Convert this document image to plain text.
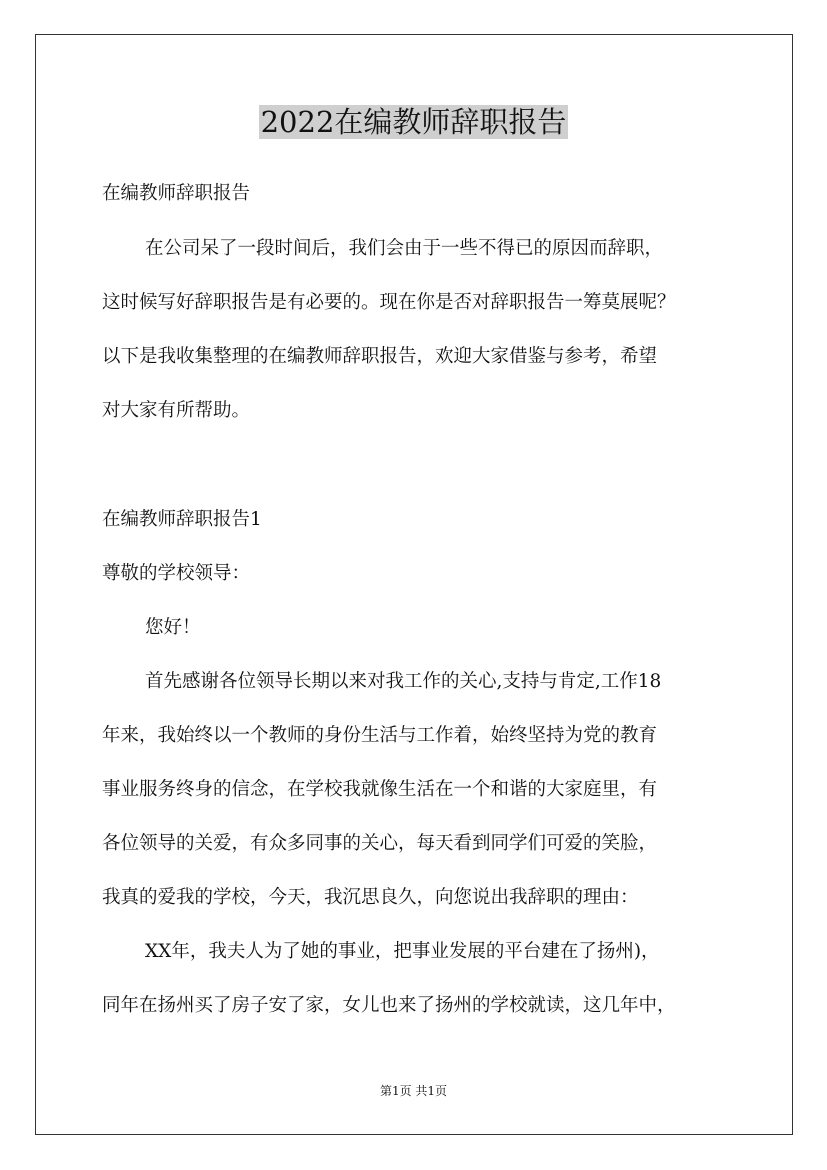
2022在编教师辞职报告

在编教师辞职报告

在公司呆了一段时间后，我们会由于一些不得已的原因而辞职，

这时候写好辞职报告是有必要的。现在你是否对辞职报告一筹莫展呢？

以下是我收集整理的在编教师辞职报告，欢迎大家借鉴与参考，希望

对大家有所帮助。

在编教师辞职报告1

尊敬的学校领导：

您好！

首先感谢各位领导长期以来对我工作的关心,支持与肯定,工作18

年来，我始终以一个教师的身份生活与工作着，始终坚持为党的教育

事业服务终身的信念，在学校我就像生活在一个和谐的大家庭里，有

各位领导的关爱，有众多同事的关心，每天看到同学们可爱的笑脸，

我真的爱我的学校，今天，我沉思良久，向您说出我辞职的理由：

XX年，我夫人为了她的事业，把事业发展的平台建在了扬州)，

同年在扬州买了房子安了家，女儿也来了扬州的学校就读，这几年中，

第1页 共1页
